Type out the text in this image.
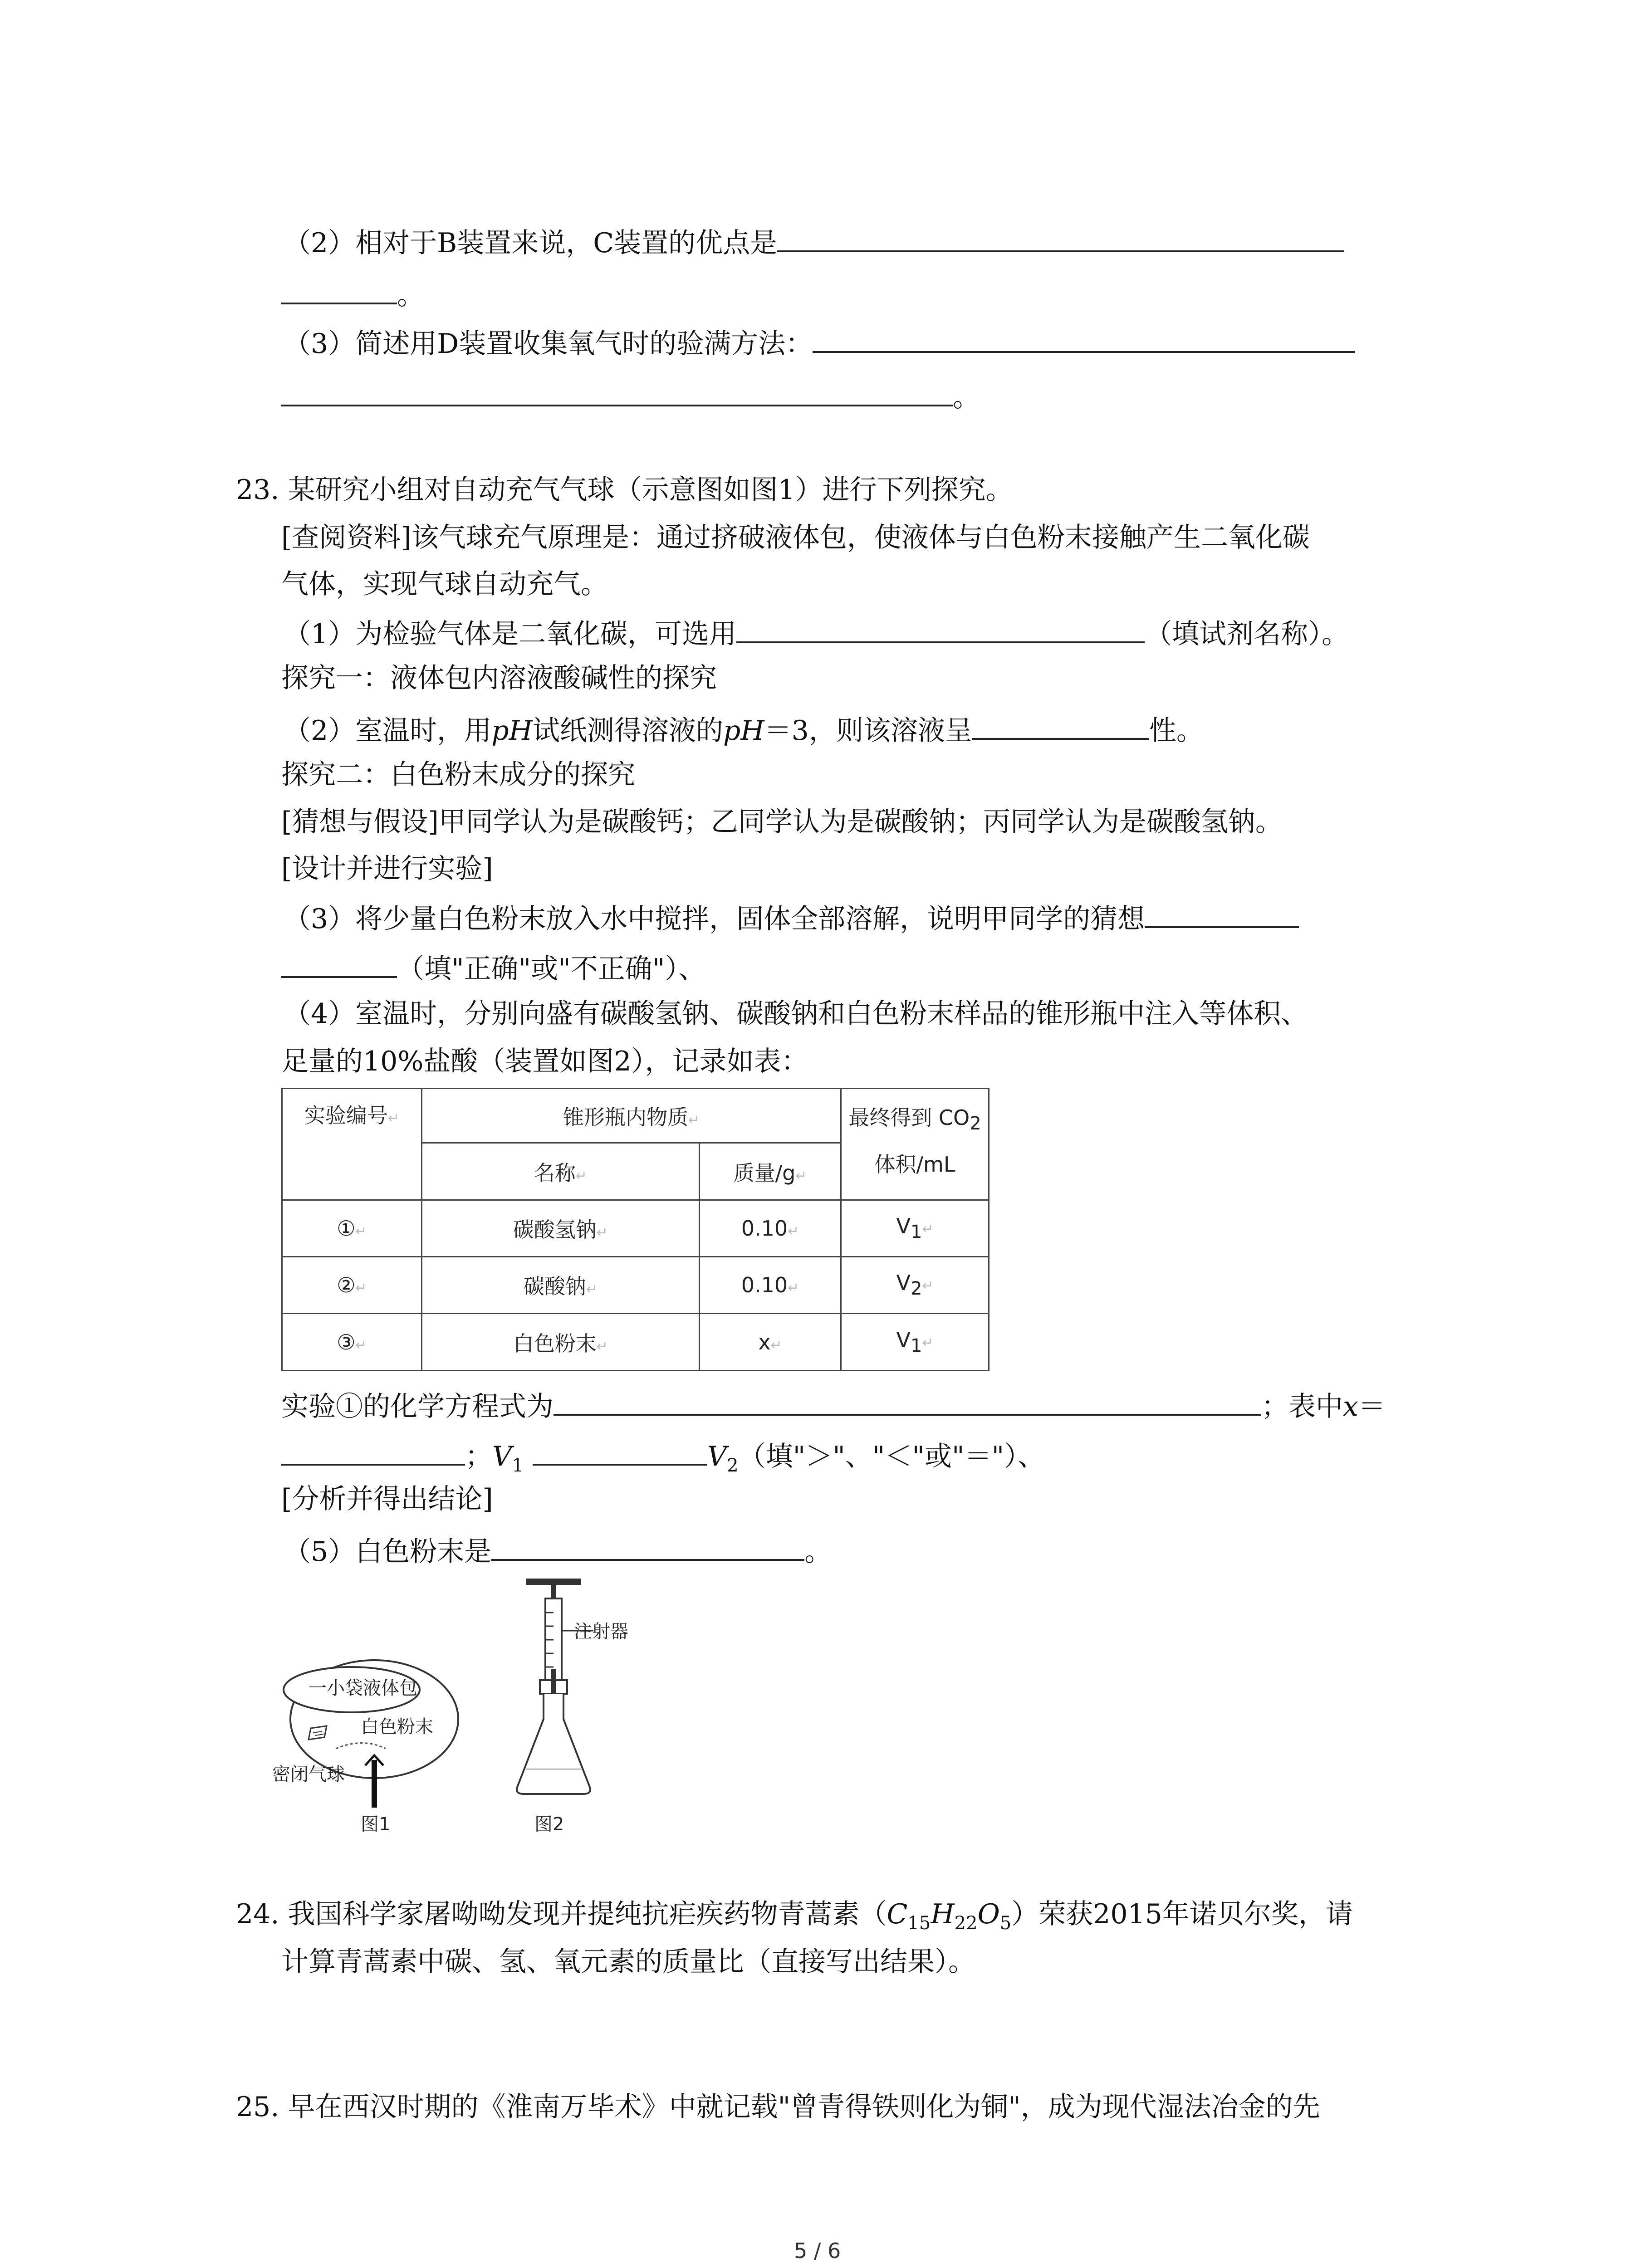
（2）相对于B装置来说，C装置的优点是
。
（3）简述用D装置收集氧气时的验满方法：
。
23. 某研究小组对自动充气气球（示意图如图1）进行下列探究。
[查阅资料]该气球充气原理是：通过挤破液体包，使液体与白色粉末接触产生二氧化碳
气体，实现气球自动充气。
（1）为检验气体是二氧化碳，可选用	（填试剂名称）。
探究一：液体包内溶液酸碱性的探究
（2）室温时，用pH试纸测得溶液的pH＝3，则该溶液呈	性。
探究二：白色粉末成分的探究
[猜想与假设]甲同学认为是碳酸钙；乙同学认为是碳酸钠；丙同学认为是碳酸氢钠。
[设计并进行实验]
（3）将少量白色粉末放入水中搅拌，固体全部溶解，说明甲同学的猜想
（填"正确"或"不正确"）、
（4）室温时，分别向盛有碳酸氢钠、碳酸钠和白色粉末样品的锥形瓶中注入等体积、
足量的10%盐酸（装置如图2），记录如表：
实验编号↵	锥形瓶内物质↵		最终得到 $CO_2$
体积/mL
	名称↵	质量/g↵	
①↵	碳酸氢钠↵	0.10↵	$V_1↵$
②↵	碳酸钠↵	0.10↵	$V_2↵$
③↵	白色粉末↵	x↵	$V_1↵$
实验①的化学方程式为	；表中x＝
；$V_1$	$V_2$（填"＞"、"＜"或"＝"）、
[分析并得出结论]
（5）白色粉末是	。
一小袋液体包
白色粉末
密闭气球
图1
注射器
图2
24. 我国科学家屠呦呦发现并提纯抗疟疾药物青蒿素$(C_{15}H_{22}O_5)$荣获2015年诺贝尔奖，请
计算青蒿素中碳、氢、氧元素的质量比（直接写出结果）。
25. 早在西汉时期的《淮南万毕术》中就记载"曾青得铁则化为铜"，成为现代湿法冶金的先
5 / 6
